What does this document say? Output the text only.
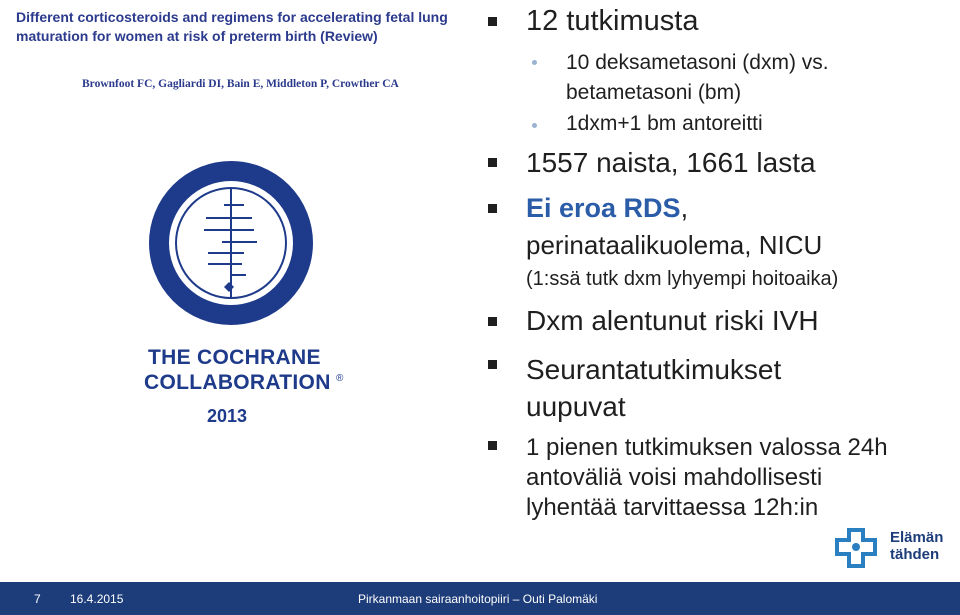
Different corticosteroids and regimens for accelerating fetal lung maturation for women at risk of preterm birth (Review)

Brownfoot FC, Gagliardi DI, Bain E, Middleton P, Crowther CA

THE COCHRANE

COLLABORATION ®
2013

12 tutkimusta

10 deksametasoni (dxm) vs.
betametasoni (bm)

1dxm+1 bm antoreitti

1557 naista, 1661 lasta

Ei eroa RDS,

perinataalikuolema, NICU

(1:ssä tutk dxm lyhyempi hoitoaika)

Dxm alentunut riski IVH

Seurantatutkimukset
uupuvat

1 pienen tutkimuksen valossa 24h
antoväliä voisi mahdollisesti
lyhentää tarvittaessa 12h:in

Elämän
tähden

7 16.4.2015	Pirkanmaan sairaanhoitopiiri – Outi Palomäki
